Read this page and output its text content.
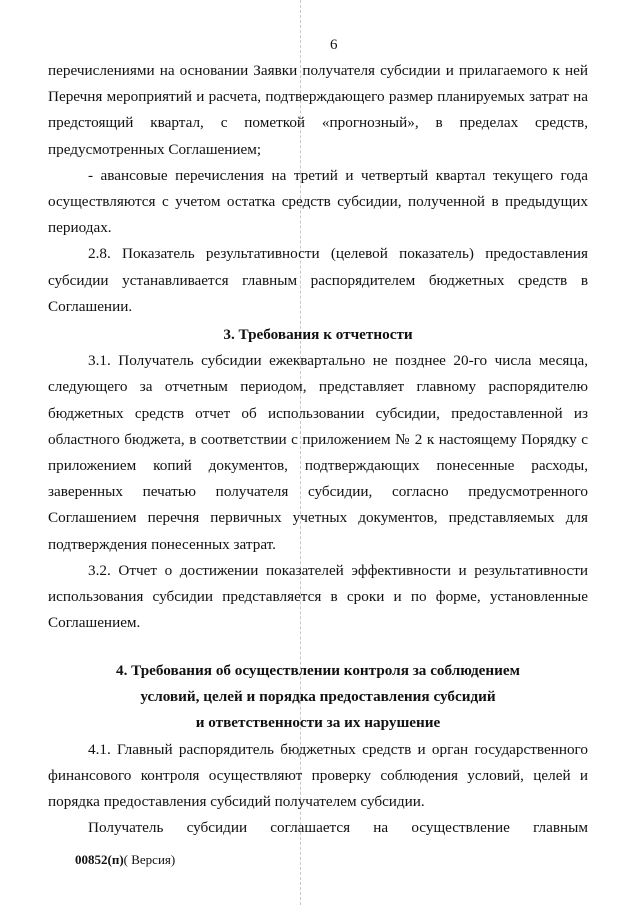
6

перечислениями на основании Заявки получателя субсидии и прилагаемого к ней Перечня мероприятий и расчета, подтверждающего размер планируемых затрат на предстоящий квартал, с пометкой «прогнозный», в пределах средств, предусмотренных Соглашением;

- авансовые перечисления на третий и четвертый квартал текущего года осуществляются с учетом остатка средств субсидии, полученной в предыдущих периодах.

2.8. Показатель результативности (целевой показатель) предоставления субсидии устанавливается главным распорядителем бюджетных средств в Соглашении.

3. Требования к отчетности

3.1. Получатель субсидии ежеквартально не позднее 20-го числа месяца, следующего за отчетным периодом, представляет главному распорядителю бюджетных средств отчет об использовании субсидии, предоставленной из областного бюджета, в соответствии с приложением № 2 к настоящему Порядку с приложением копий документов, подтверждающих понесенные расходы, заверенных печатью получателя субсидии, согласно предусмотренного Соглашением перечня первичных учетных документов, представляемых для подтверждения понесенных затрат.

3.2. Отчет о достижении показателей эффективности и результативности использования субсидии представляется в сроки и по форме, установленные Соглашением.

4. Требования об осуществлении контроля за соблюдением

условий, целей и порядка предоставления субсидий

и ответственности за их нарушение

4.1. Главный распорядитель бюджетных средств и орган государственного финансового контроля осуществляют проверку соблюдения условий, целей и порядка предоставления субсидий получателем субсидии.

Получатель субсидии соглашается на осуществление главным

00852(п)( Версия)
